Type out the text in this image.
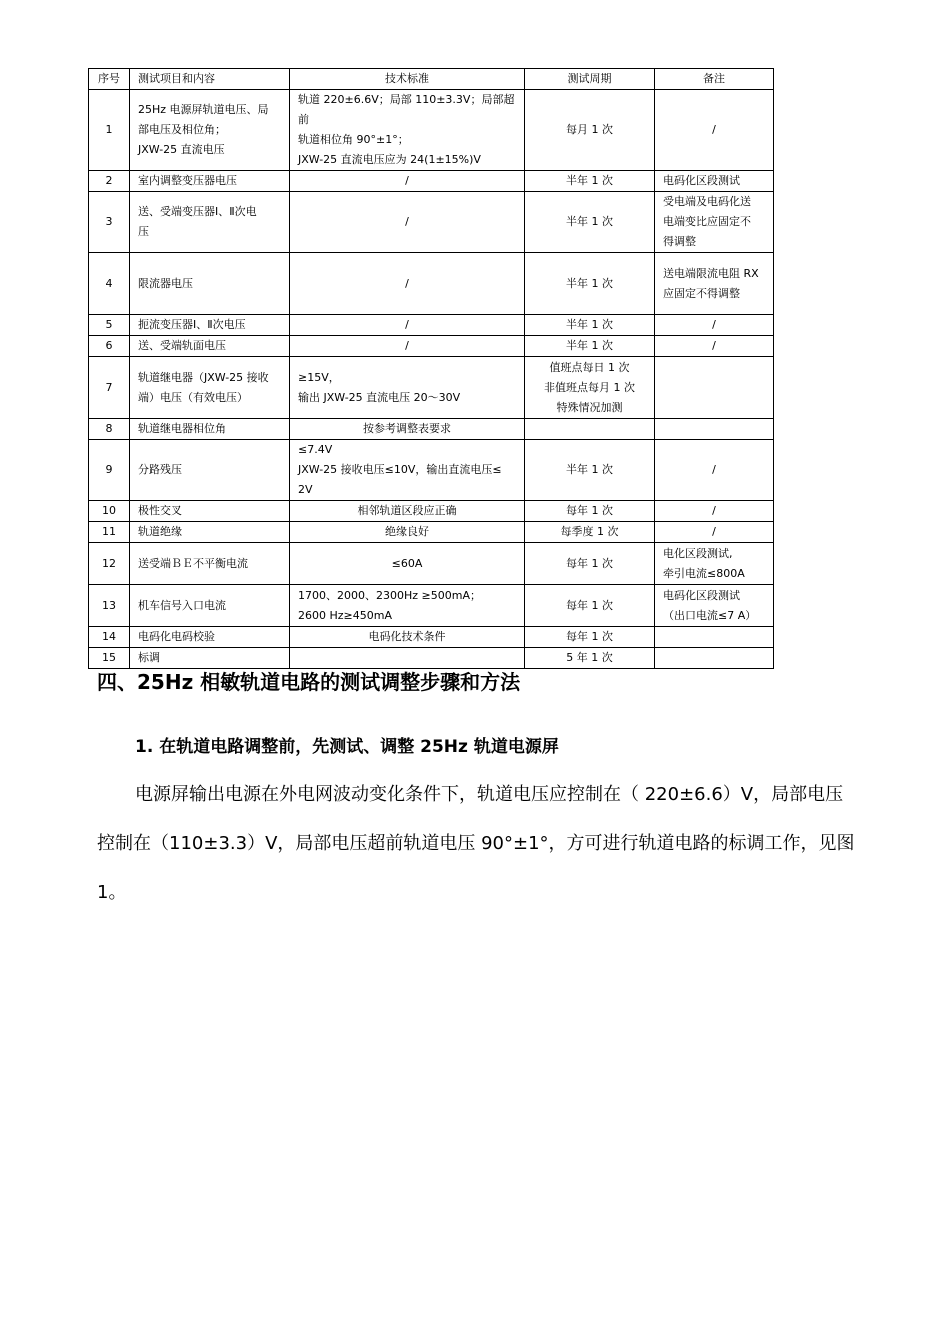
序号	测试项目和内容	技术标准	测试周期	备注
1	25Hz 电源屏轨道电压、局
部电压及相位角；
JXW-25 直流电压	轨道 220±6.6V；局部 110±3.3V；局部超前
轨道相位角 90°±1°；
JXW-25 直流电压应为 24(1±15%)V	每月 1 次	/

2	室内调整变压器电压	/	半年 1 次	电码化区段测试

3	送、受端变压器Ⅰ、Ⅱ次电
压	/	半年 1 次	受电端及电码化送
电端变比应固定不
得调整

4	限流器电压	/	半年 1 次	送电端限流电阻 RX
应固定不得调整

5	扼流变压器Ⅰ、Ⅱ次电压	/	半年 1 次	/

6	送、受端轨面电压	/	半年 1 次	/

7	轨道继电器（JXW-25 接收
端）电压（有效电压）	≥15V，
输出 JXW-25 直流电压 20～30V	值班点每日 1 次
非值班点每月 1 次
特殊情况加测	

8	轨道继电器相位角	按参考调整表要求		

9	分路残压	≤7.4V
JXW-25 接收电压≤10V，输出直流电压≤
2V	半年 1 次	/

10	极性交叉	相邻轨道区段应正确	每年 1 次	/

11	轨道绝缘	绝缘良好	每季度 1 次	/

12	送受端ＢＥ不平衡电流	≤60A	每年 1 次	电化区段测试,
牵引电流≤800A

13	机车信号入口电流	1700、2000、2300Hz ≥500mA；
2600 Hz≥450mA	每年 1 次	电码化区段测试
（出口电流≤7 A）

14	电码化电码校验	电码化技术条件	每年 1 次	

15	标调		5 年 1 次	

四、25Hz 相敏轨道电路的测试调整步骤和方法
1. 在轨道电路调整前，先测试、调整 25Hz 轨道电源屏
电源屏输出电源在外电网波动变化条件下，轨道电压应控制在（ 220±6.6）V，局部电压控制在（110±3.3）V，局部电压超前轨道电压 90°±1°，方可进行轨道电路的标调工作，见图 1。
